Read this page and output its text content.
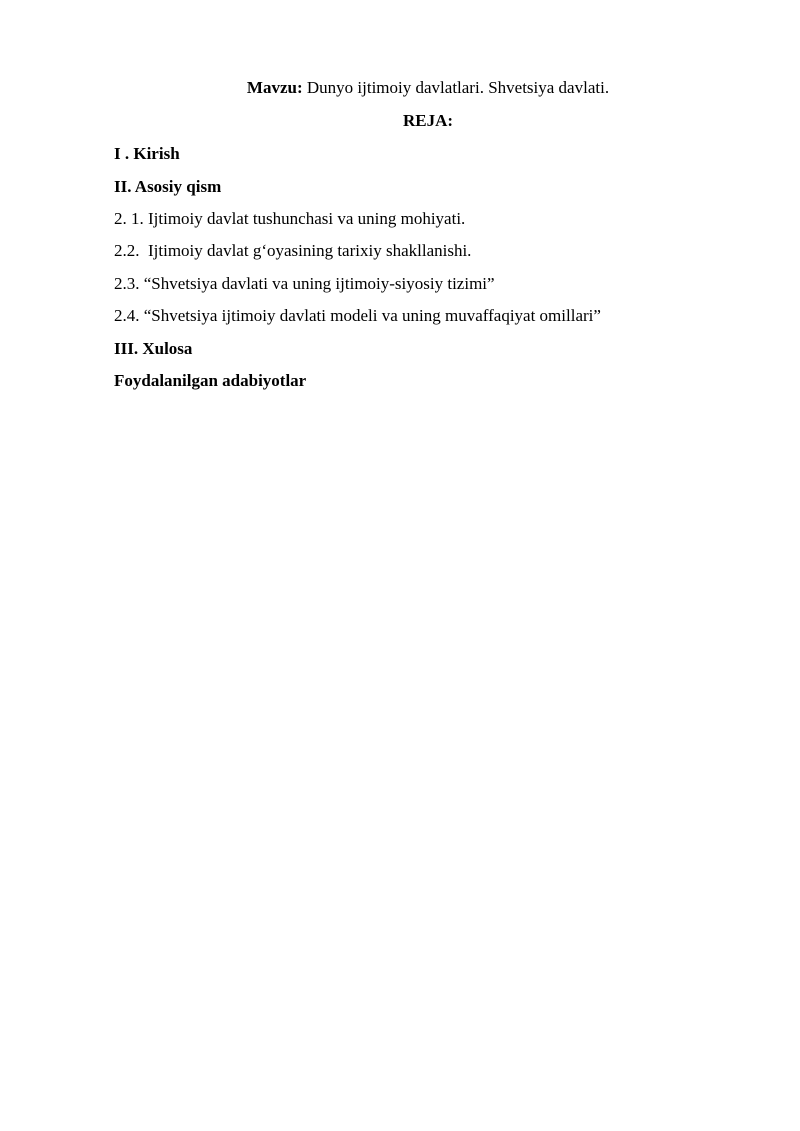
Mavzu: Dunyo ijtimoiy davlatlari. Shvetsiya davlati.
REJA:
I . Kirish
II. Asosiy qism
2. 1. Ijtimoiy davlat tushunchasi va uning mohiyati.
2.2.  Ijtimoiy davlat g‘oyasining tarixiy shakllanishi.
2.3. “Shvetsiya davlati va uning ijtimoiy-siyosiy tizimi”
2.4. “Shvetsiya ijtimoiy davlati modeli va uning muvaffaqiyat omillari”
III. Xulosa
Foydalanilgan adabiyotlar
